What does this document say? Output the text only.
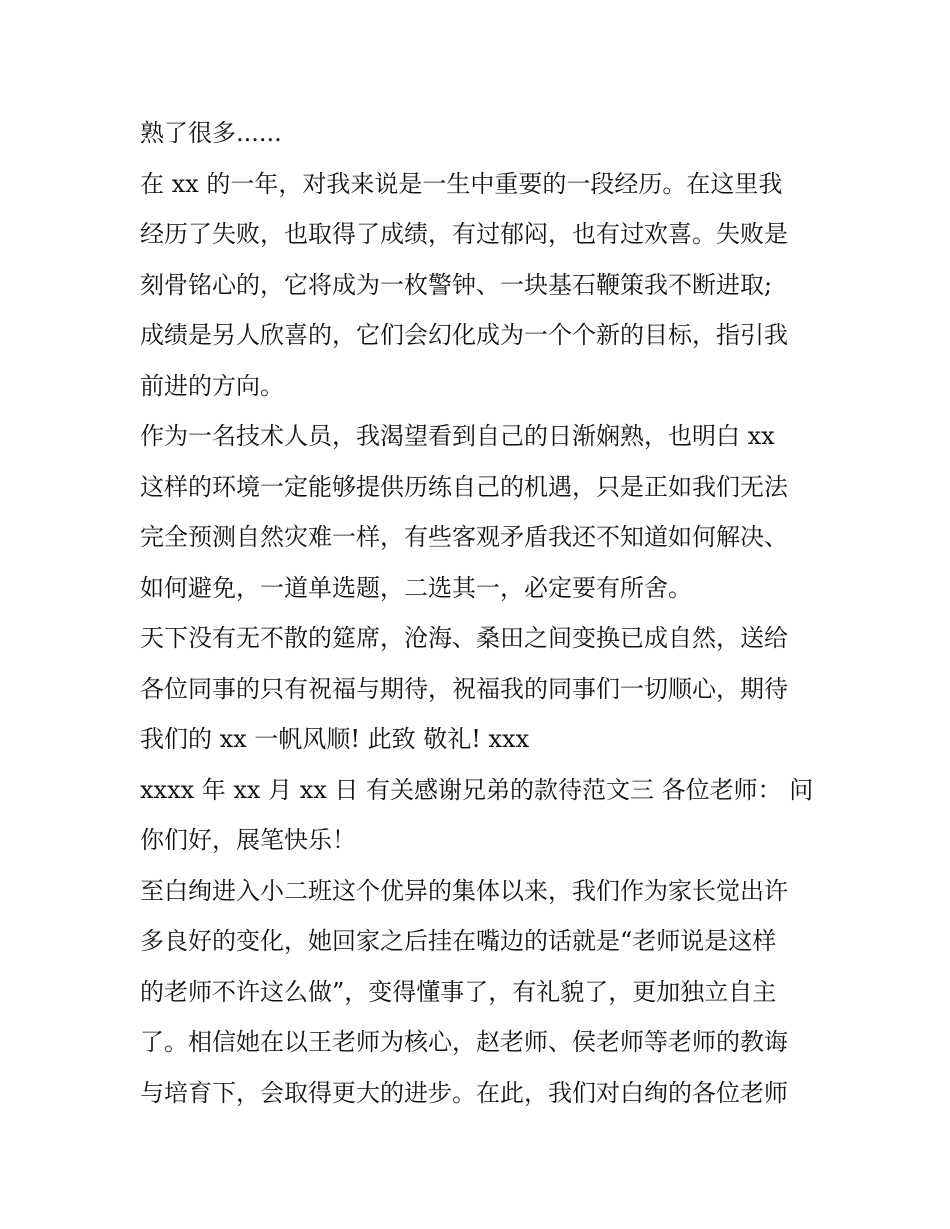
熟了很多......
在 xx 的一年，对我来说是一生中重要的一段经历。在这里我
经历了失败，也取得了成绩，有过郁闷，也有过欢喜。失败是
刻骨铭心的，它将成为一枚警钟、一块基石鞭策我不断进取;
成绩是另人欣喜的，它们会幻化成为一个个新的目标，指引我
前进的方向。
作为一名技术人员，我渴望看到自己的日渐娴熟，也明白 xx
这样的环境一定能够提供历练自己的机遇，只是正如我们无法
完全预测自然灾难一样，有些客观矛盾我还不知道如何解决、
如何避免，一道单选题，二选其一，必定要有所舍。
天下没有无不散的筵席，沧海、桑田之间变换已成自然，送给
各位同事的只有祝福与期待，祝福我的同事们一切顺心，期待
我们的 xx 一帆风顺! 此致 敬礼! xxx
xxxx 年 xx 月 xx 日 有关感谢兄弟的款待范文三 各位老师： 问
你们好，展笔快乐！
至白绚进入小二班这个优异的集体以来，我们作为家长觉出许
多良好的变化，她回家之后挂在嘴边的话就是“老师说是这样
的老师不许这么做”，变得懂事了，有礼貌了，更加独立自主
了。相信她在以王老师为核心，赵老师、侯老师等老师的教诲
与培育下，会取得更大的进步。在此，我们对白绚的各位老师
